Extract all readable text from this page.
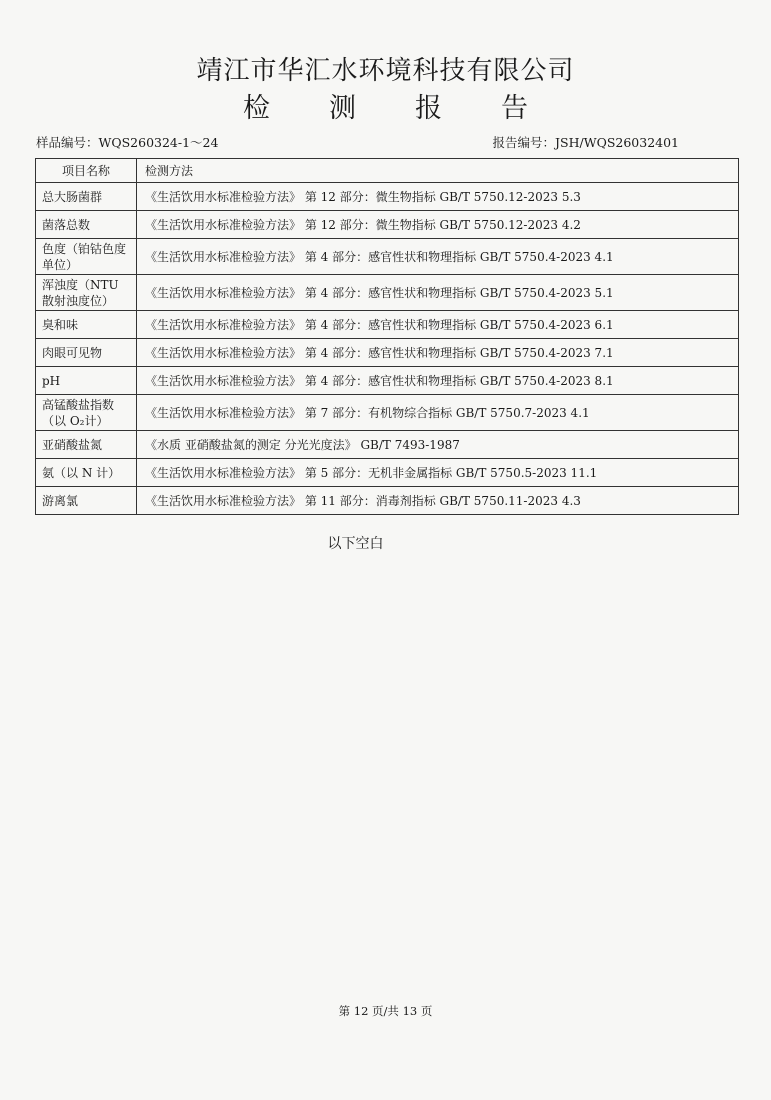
靖江市华汇水环境科技有限公司
检	测	报	告
样品编号：WQS260324-1～24	报告编号：JSH/WQS26032401
项目名称	检测方法
总大肠菌群	《生活饮用水标准检验方法》 第 12 部分：微生物指标 GB/T 5750.12-2023 5.3
菌落总数	《生活饮用水标准检验方法》 第 12 部分：微生物指标 GB/T 5750.12-2023 4.2
色度（铂钴色度单位）	《生活饮用水标准检验方法》 第 4 部分：感官性状和物理指标 GB/T 5750.4-2023 4.1
浑浊度（NTU散射浊度位）	《生活饮用水标准检验方法》 第 4 部分：感官性状和物理指标 GB/T 5750.4-2023 5.1
臭和味	《生活饮用水标准检验方法》 第 4 部分：感官性状和物理指标 GB/T 5750.4-2023 6.1
肉眼可见物	《生活饮用水标准检验方法》 第 4 部分：感官性状和物理指标 GB/T 5750.4-2023 7.1
pH	《生活饮用水标准检验方法》 第 4 部分：感官性状和物理指标 GB/T 5750.4-2023 8.1
高锰酸盐指数（以 O₂计）	《生活饮用水标准检验方法》 第 7 部分：有机物综合指标 GB/T 5750.7-2023 4.1
亚硝酸盐氮	《水质 亚硝酸盐氮的测定 分光光度法》 GB/T 7493-1987
氨（以 N 计）	《生活饮用水标准检验方法》 第 5 部分：无机非金属指标 GB/T 5750.5-2023 11.1
游离氯	《生活饮用水标准检验方法》 第 11 部分：消毒剂指标 GB/T 5750.11-2023 4.3
以下空白
第 12 页/共 13 页
